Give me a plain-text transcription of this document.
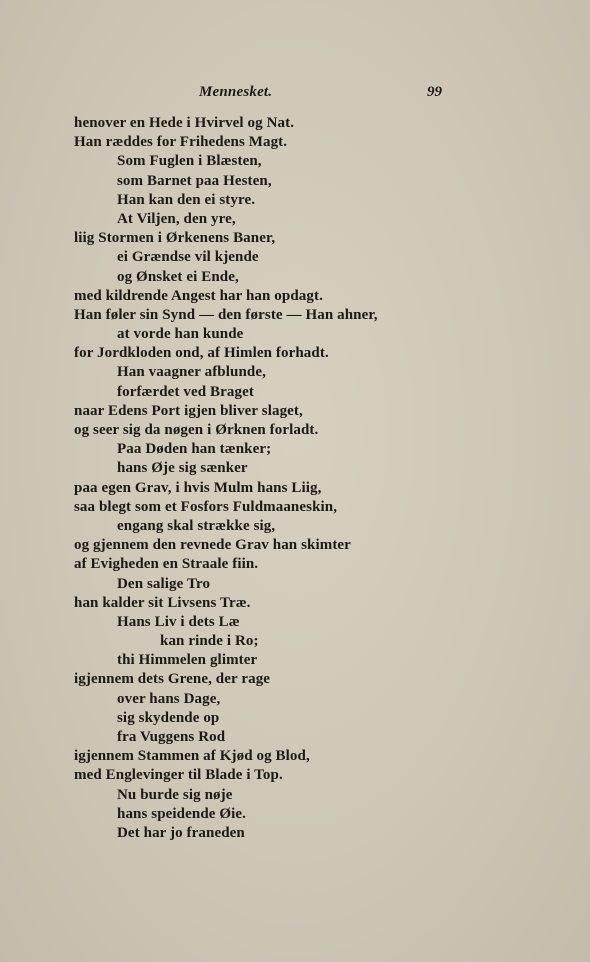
Mennesket.	99
henover en Hede i Hvirvel og Nat.
Han ræddes for Frihedens Magt.
Som Fuglen i Blæsten,
som Barnet paa Hesten,
Han kan den ei styre.
At Viljen, den yre,
liig Stormen i Ørkenens Baner,
ei Grændse vil kjende
og Ønsket ei Ende,
med kildrende Angest har han opdagt.
Han føler sin Synd — den første — Han ahner,
at vorde han kunde
for Jordkloden ond, af Himlen forhadt.
Han vaagner afblunde,
forfærdet ved Braget
naar Edens Port igjen bliver slaget,
og seer sig da nøgen i Ørknen forladt.
Paa Døden han tænker;
hans Øje sig sænker
paa egen Grav, i hvis Mulm hans Liig,
saa blegt som et Fosfors Fuldmaaneskin,
engang skal strække sig,
og gjennem den revnede Grav han skimter
af Evigheden en Straale fiin.
Den salige Tro
han kalder sit Livsens Træ.
Hans Liv i dets Læ
kan rinde i Ro;
thi Himmelen glimter
igjennem dets Grene, der rage
over hans Dage,
sig skydende op
fra Vuggens Rod
igjennem Stammen af Kjød og Blod,
med Englevinger til Blade i Top.
Nu burde sig nøje
hans speidende Øie.
Det har jo franeden
